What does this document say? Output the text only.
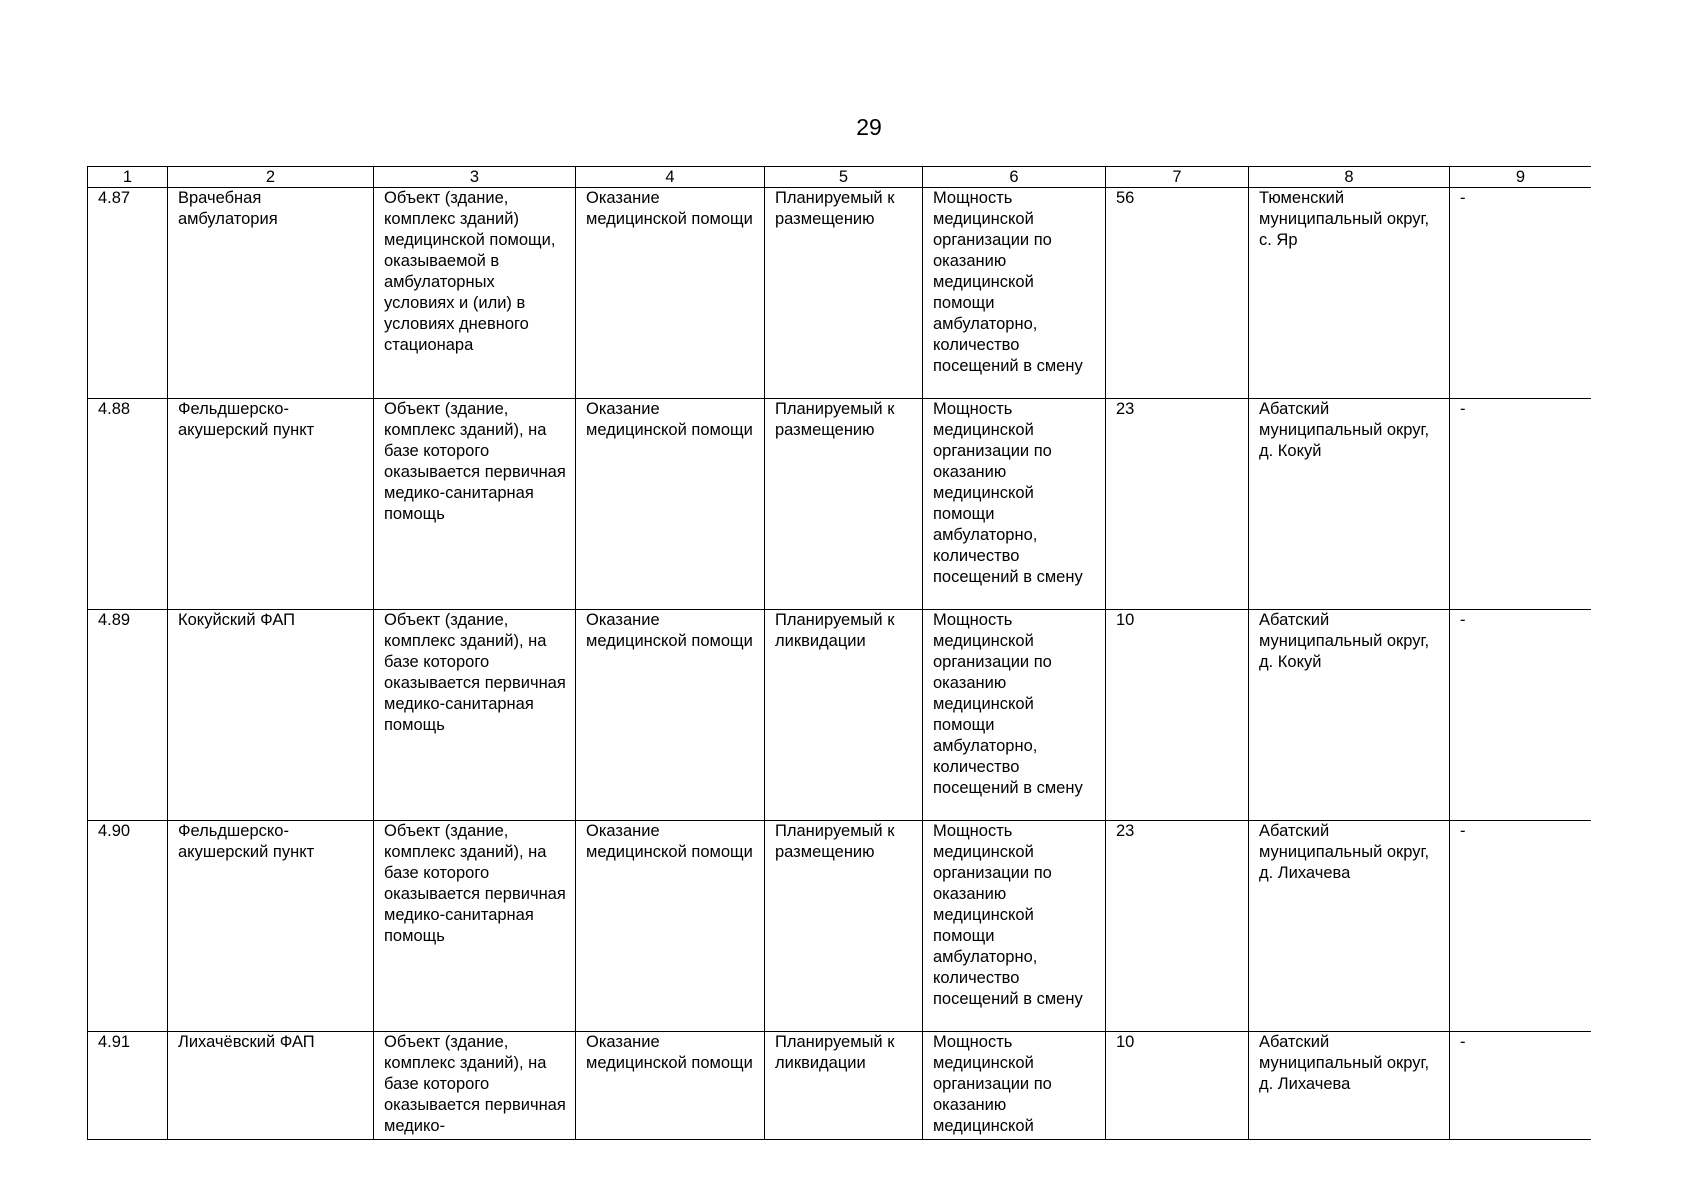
29
1	2	3	4	5	6	7	8	9
4.87	Врачебная амбулатория	Объект (здание, комплекс зданий) медицинской помощи, оказываемой в амбулаторных условиях и (или) в условиях дневного стационара	Оказание медицинской помощи	Планируемый к размещению	Мощность медицинской организации по оказанию медицинской помощи амбулаторно, количество посещений в смену	56	Тюменский муниципальный округ, с. Яр	-
4.88	Фельдшерско-акушерский пункт	Объект (здание, комплекс зданий), на базе которого оказывается первичная медико-санитарная помощь	Оказание медицинской помощи	Планируемый к размещению	Мощность медицинской организации по оказанию медицинской помощи амбулаторно, количество посещений в смену	23	Абатский муниципальный округ, д. Кокуй	-
4.89	Кокуйский ФАП	Объект (здание, комплекс зданий), на базе которого оказывается первичная медико-санитарная помощь	Оказание медицинской помощи	Планируемый к ликвидации	Мощность медицинской организации по оказанию медицинской помощи амбулаторно, количество посещений в смену	10	Абатский муниципальный округ, д. Кокуй	-
4.90	Фельдшерско-акушерский пункт	Объект (здание, комплекс зданий), на базе которого оказывается первичная медико-санитарная помощь	Оказание медицинской помощи	Планируемый к размещению	Мощность медицинской организации по оказанию медицинской помощи амбулаторно, количество посещений в смену	23	Абатский муниципальный округ, д. Лихачева	-
4.91	Лихачёвский ФАП	Объект (здание, комплекс зданий), на базе которого оказывается первичная медико-	Оказание медицинской помощи	Планируемый к ликвидации	Мощность медицинской организации по оказанию медицинской	10	Абатский муниципальный округ, д. Лихачева	-
